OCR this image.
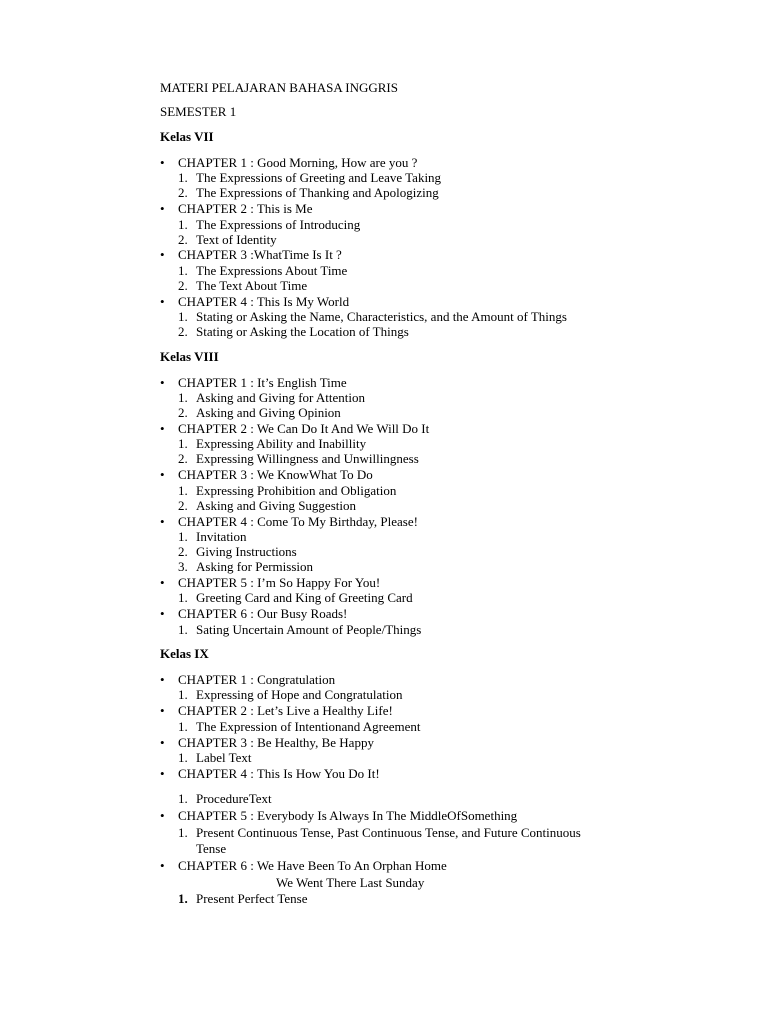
MATERI PELAJARAN BAHASA INGGRIS
SEMESTER 1
Kelas VII
•	CHAPTER 1 : Good Morning, How are you ?
1. The Expressions of Greeting and Leave Taking
2. The Expressions of Thanking and Apologizing
•	CHAPTER 2 : This is Me
1. The Expressions of Introducing
2. Text of Identity
•	CHAPTER 3 :WhatTime Is It ?
1. The Expressions About Time
2. The Text About Time
•	CHAPTER 4 : This Is My World
1. Stating or Asking the Name, Characteristics, and the Amount of Things
2. Stating or Asking the Location of Things
Kelas VIII
•	CHAPTER 1 : It’s English Time
1. Asking and Giving for Attention
2. Asking and Giving Opinion
•	CHAPTER 2 : We Can Do It And We Will Do It
1. Expressing Ability and Inabillity
2. Expressing Willingness and Unwillingness
•	CHAPTER 3 : We KnowWhat To Do
1. Expressing Prohibition and Obligation
2. Asking and Giving Suggestion
•	CHAPTER 4 : Come To My Birthday, Please!
1. Invitation
2. Giving Instructions
3. Asking for Permission
•	CHAPTER 5 : I’m So Happy For You!
1. Greeting Card and King of Greeting Card
•	CHAPTER 6 : Our Busy Roads!
1. Sating Uncertain Amount of People/Things
Kelas IX
•	CHAPTER 1 : Congratulation
1. Expressing of Hope and Congratulation
•	CHAPTER 2 : Let’s Live a Healthy Life!
1. The Expression of Intentionand Agreement
•	CHAPTER 3 : Be Healthy, Be Happy
1. Label Text
•	CHAPTER 4 : This Is How You Do It!
1. ProcedureText
•	CHAPTER 5 : Everybody Is Always In The MiddleOfSomething
1. Present Continuous Tense, Past Continuous Tense, and Future Continuous
Tense
•	CHAPTER 6 : We Have Been To An Orphan Home
We Went There Last Sunday
1. Present Perfect Tense
